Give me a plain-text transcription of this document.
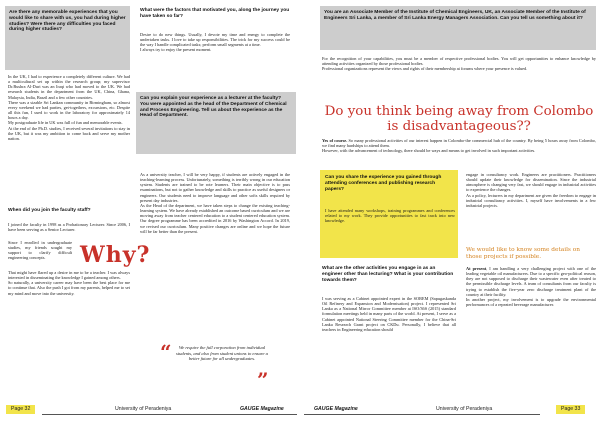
Are there any memorable experiences that you would like to share with us, you had during higher studies? Were there any difficulties you faced during higher studies?

In the UK, I had to experience a completely different culture. We had a multicultural set up within the research group; my supervisor Dr.Bushra Al-Duri was an Iraqi who had moved to the UK. We had research students in the department from the UK, China, Ghana, Malaysia, India, Brazil and a few other countries.

There was a sizable Sri Lankan community in Birmingham, so almost every weekend we had parties, get-togethers, excursions, etc. Despite all this fun, I used to work in the laboratory for approximately 14 hours a day.

My postgraduate life in UK was full of fun and memorable events.

At the end of the Ph.D. studies, I received several invitations to stay in the UK, but it was my ambition to come back and serve my mother nation.

When did you join the faculty staff?
I joined the faculty in 1998 as a Probationary Lecturer. Since 2006, I have been serving as a Senior Lecturer.
Since I enrolled in undergraduate studies, my friends sought my support to clarify difficult engineering concepts.	Why?

That might have flared up a desire in me to be a teacher. I was always interested in disseminating the knowledge I gained among others.

So naturally, a university career may have been the best place for me to continue that. Also the push I got from my parents, helped me to set my mind and move into the university.

What were the factors that motivated you, along the journey you have taken so far?

Desire to do new things. Usually, I devote my time and energy to complete the undertaken tasks. I love to take up responsibilities. The trick for my success could be the way I handle complicated tasks; perform small segments at a time.

I always try to enjoy the present moment.

Can you explain your experience as a lecturer at the faculty? You were appointed as the head of the Department of Chemical and Process Engineering. Tell us about the experience as the Head of Department.

As a university teacher, I will be very happy, if students are actively engaged in the teaching-learning process. Unfortunately, something is terribly wrong in our education system. Students are trained to be rote learners. Their main objective is to pass examinations, but not to gather knowledge and skills to practice as useful designers or engineers. Our students need to improve language and other softs skills required by present day industries.

As the Head of the department, we have taken steps to change the existing teaching-learning system. We have already established an outcome based curriculum and we are moving away from teacher centered education to a student centered education system. Our degree programme has been accredited in 2016 by Washington Accord. In 2019, we revised our curriculum. Many positive changes are online and we hope the future will be far better than the present.

“	We require the full corporation from individual students, and also from student unions to ensure a better future for all undergraduates.
”
Page 32	University of Peradeniya	GAUGE Magazine
You are an Associate Member of the Institute of Chemical Engineers, UK, an Associate Member of the Institute of Engineers Sri Lanka, a member of Sri Lanka Energy Managers Association. Can you tell us something about it?

For the recognition of your capabilities, you must be a member of respective professional bodies. You will get opportunities to enhance knowledge by attending activities organized by those professional bodies.

Professional organizations represent the views and rights of their membership at forums where your presence is valued.

Do you think being away from Colombo is disadvantageous??

Yes of course. So many professional activities of our interest happen in Colombo-the commercial hub of the country. By being 5 hours away from Colombo, we find many hardships to attend them.

However, with the advancement of technology, there should be ways and means to get involved in such important activities.

Can you share the experience you gained through attending conferences and publishing research papers?
I have attended many workshops, training programmes and conferences related to my work. They provide opportunities to fast track into new knowledge.
What are the other activities you engage in as an engineer other than lecturing? What is your contribution towards them?
I was serving as a Cabinet appointed expert in the SOREM (Sapugaskanda Oil Refinery and Expansion and Modernisation) project. I represented Sri Lanka as a National Mirror Committee member at ISO/36S (2015) standard formulation meetings held in many parts of the world. At present, I serve as a Cabinet appointed National Steering Committee member for the China-Sri Lanka Research Grant project on CKDu. Personally, I believe that all teachers in Engineering education should

engage in consultancy work. Engineers are practitioners. Practitioners should update their knowledge for dissemination. Since the industrial atmosphere is changing very fast, we should engage in industrial activities to experience the changes.

As a policy, lecturers in my department are given the freedom to engage in industrial consultancy activities. I, myself have involvements in a few industrial projects.

We would like to know some details on those projects if possible.

At present, I am handling a very challenging project with one of the leading vegetable oil manufacturers. Due to a specific geo-political reason, they are not supposed to discharge their wastewater even after treated to the permissible discharge levels. A team of consultants from our faculty is trying to establish the five-year zero discharge treatment plant of the country at their facility.

In another project, my involvement is to upgrade the environmental performances of a repeated beverage manufacturer.

GAUGE Magazine	University of Peradeniya	Page 33
